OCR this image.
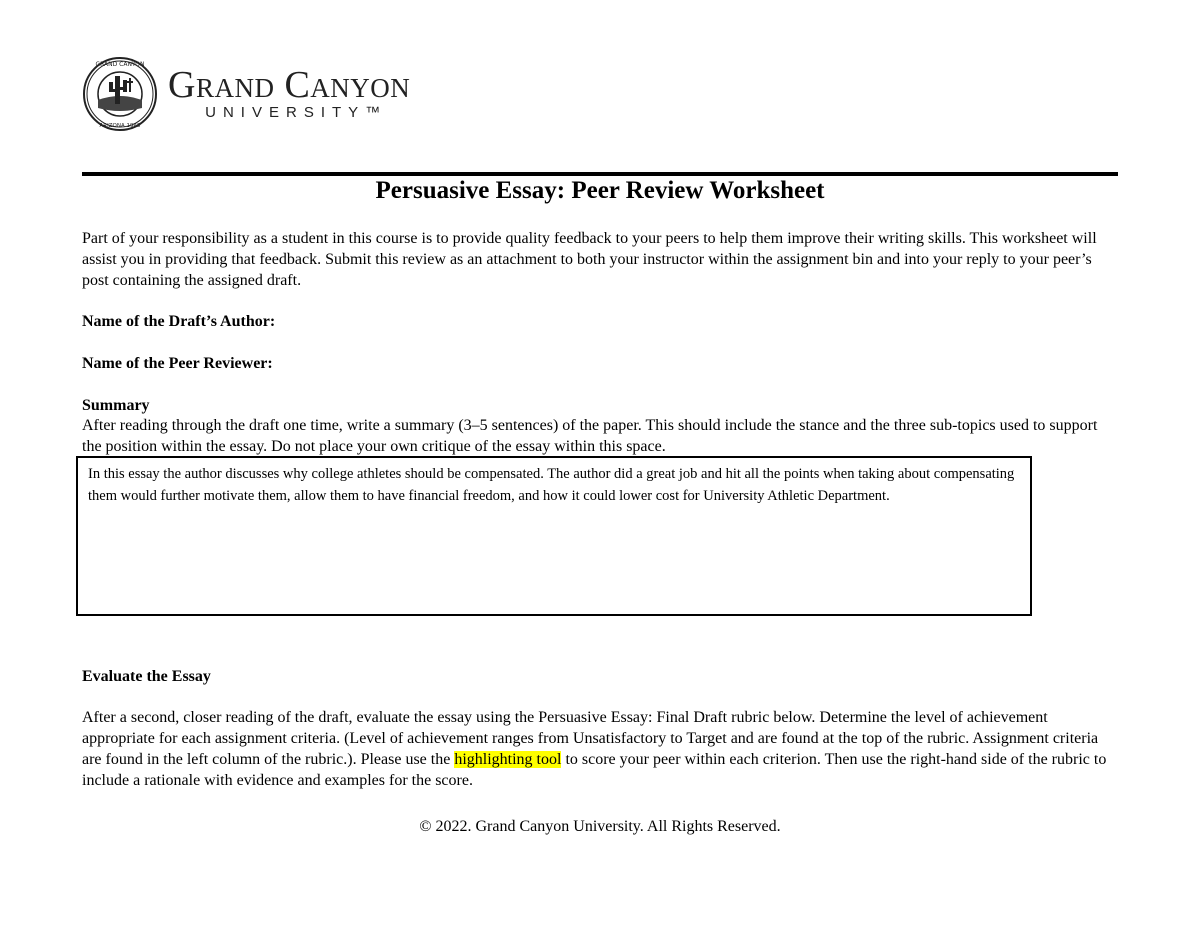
GRAND CANYON
ARIZONA 1949
Grand Canyon
UNIVERSITY™
Persuasive Essay: Peer Review Worksheet
Part of your responsibility as a student in this course is to provide quality feedback to your peers to help them improve their writing skills. This worksheet will assist you in providing that feedback. Submit this review as an attachment to both your instructor within the assignment bin and into your reply to your peer’s post containing the assigned draft.
Name of the Draft’s Author:
Name of the Peer Reviewer:
Summary
After reading through the draft one time, write a summary (3–5 sentences) of the paper. This should include the stance and the three sub-topics used to support the position within the essay. Do not place your own critique of the essay within this space.
In this essay the author discusses why college athletes should be compensated. The author did a great job and hit all the points when taking about compensating them would further motivate them, allow them to have financial freedom, and how it could lower cost for University Athletic Department.
Evaluate the Essay
After a second, closer reading of the draft, evaluate the essay using the Persuasive Essay: Final Draft rubric below. Determine the level of achievement appropriate for each assignment criteria. (Level of achievement ranges from Unsatisfactory to Target and are found at the top of the rubric. Assignment criteria are found in the left column of the rubric.). Please use the highlighting tool to score your peer within each criterion. Then use the right-hand side of the rubric to include a rationale with evidence and examples for the score.
© 2022. Grand Canyon University. All Rights Reserved.
